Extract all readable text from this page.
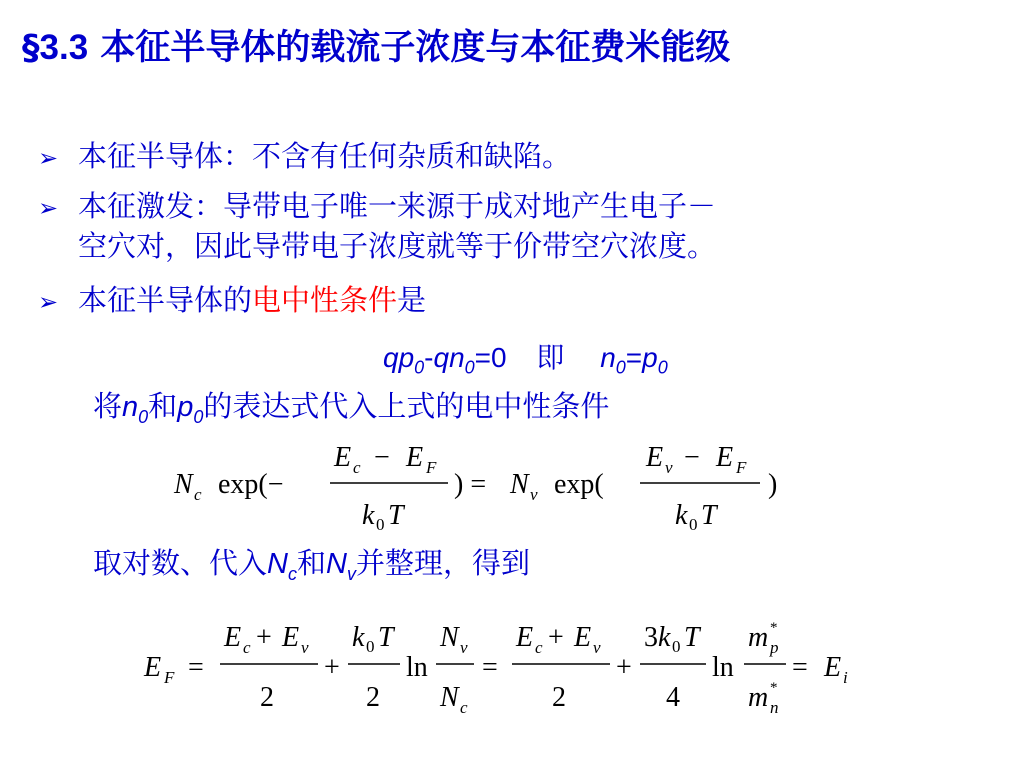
§3.3 本征半导体的载流子浓度与本征费米能级
➢ 本征半导体：不含有任何杂质和缺陷。
➢ 本征激发：导带电子唯一来源于成对地产生电子－
空穴对，因此导带电子浓度就等于价带空穴浓度。
➢ 本征半导体的电中性条件是
$qp_0-qn_0=0$ 即 $n_0=p_0$
将$n_0$和$p_0$的表达式代入上式的电中性条件
N c exp(−
E c − E F
k 0 T
) = N v exp(
E v − E F
k 0 T
)
取对数、代入$N_c$和$N_v$并整理，得到
E F =
E c + E v
2
+
k 0 T
2
ln
N v
N c
=
E c + E v
2
+
3 k 0 T
4
ln
m *
p
m *
n
= E i
